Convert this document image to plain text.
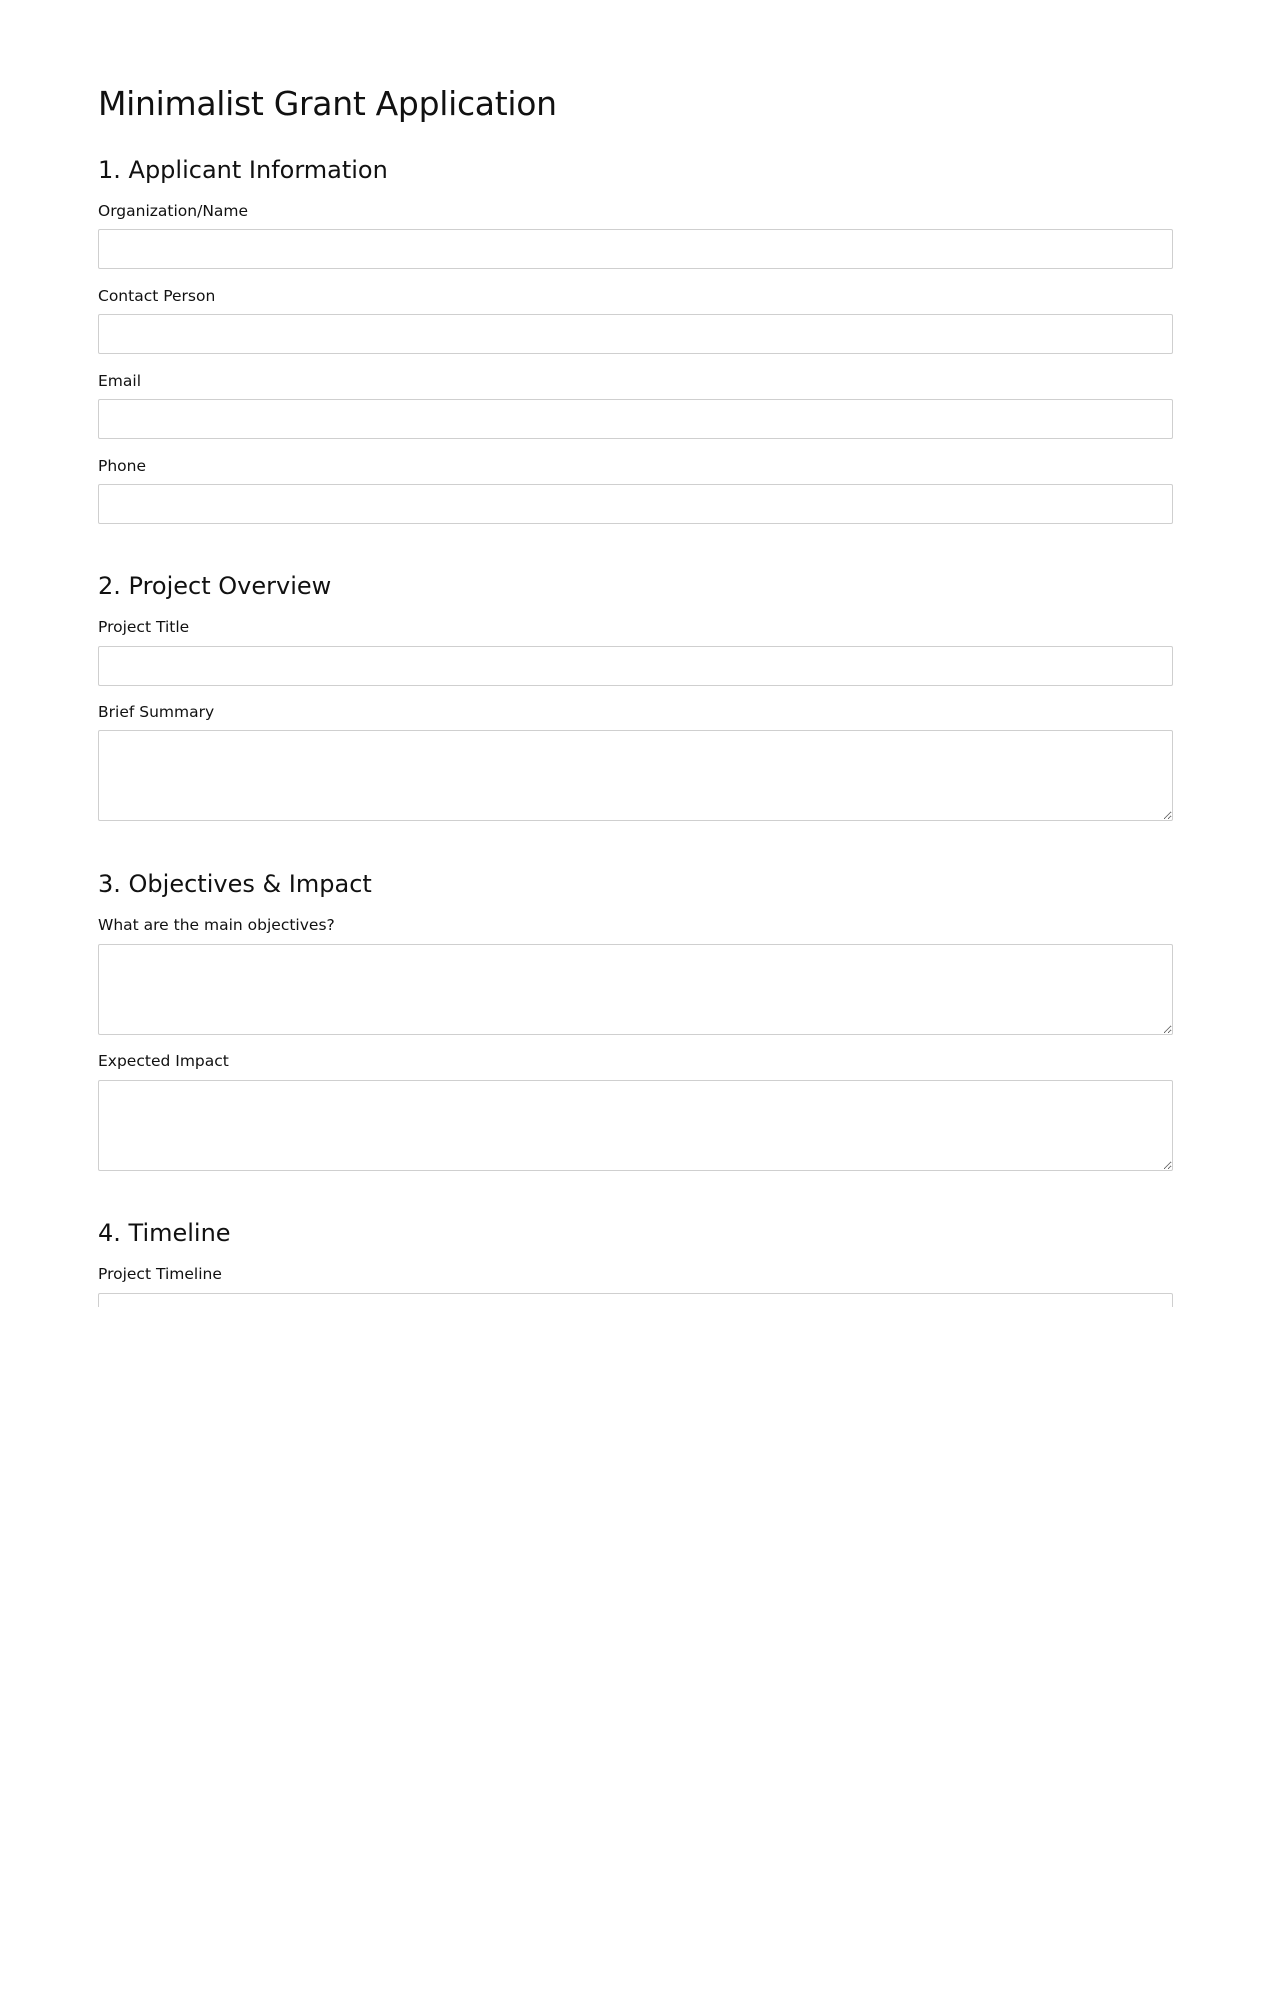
Minimalist Grant Application
1. Applicant Information
Organization/Name
Contact Person
Email
Phone
2. Project Overview
Project Title
Brief Summary
3. Objectives & Impact
What are the main objectives?
Expected Impact
4. Timeline
Project Timeline
